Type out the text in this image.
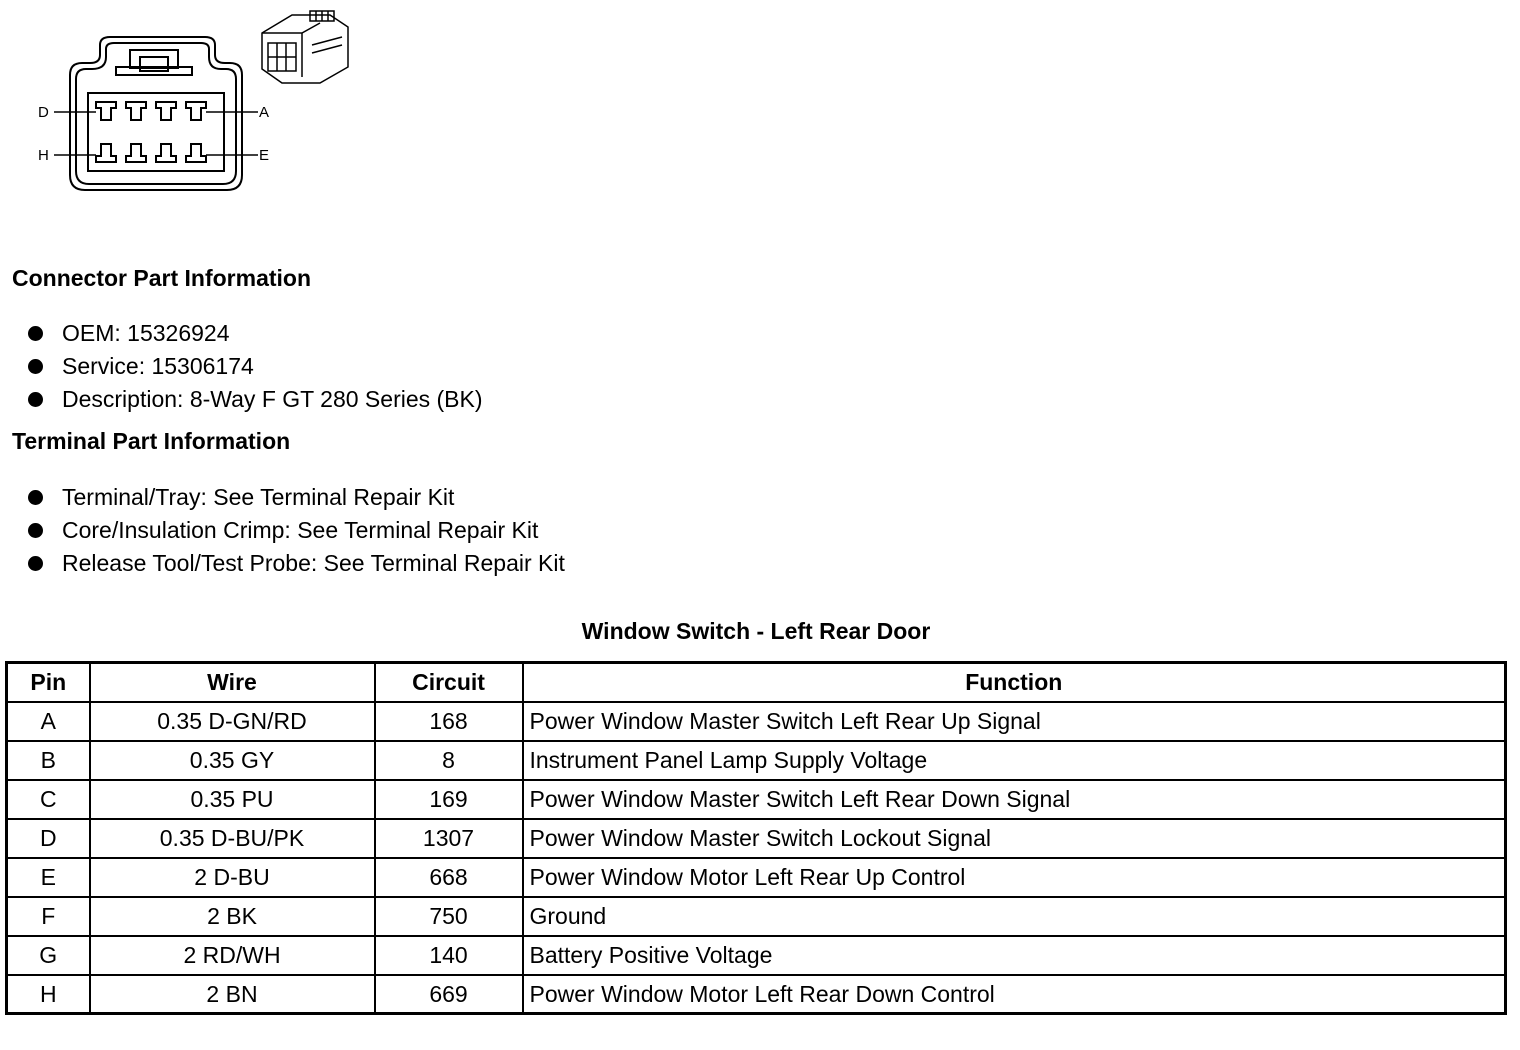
D	A
H	E
Connector Part Information
OEM: 15326924
Service: 15306174
Description: 8-Way F GT 280 Series (BK)
Terminal Part Information
Terminal/Tray: See Terminal Repair Kit
Core/Insulation Crimp: See Terminal Repair Kit
Release Tool/Test Probe: See Terminal Repair Kit
Window Switch - Left Rear Door
Pin	Wire	Circuit	Function
A	0.35 D-GN/RD	168	Power Window Master Switch Left Rear Up Signal
B	0.35 GY	8	Instrument Panel Lamp Supply Voltage
C	0.35 PU	169	Power Window Master Switch Left Rear Down Signal
D	0.35 D-BU/PK	1307	Power Window Master Switch Lockout Signal
E	2 D-BU	668	Power Window Motor Left Rear Up Control
F	2 BK	750	Ground
G	2 RD/WH	140	Battery Positive Voltage
H	2 BN	669	Power Window Motor Left Rear Down Control
